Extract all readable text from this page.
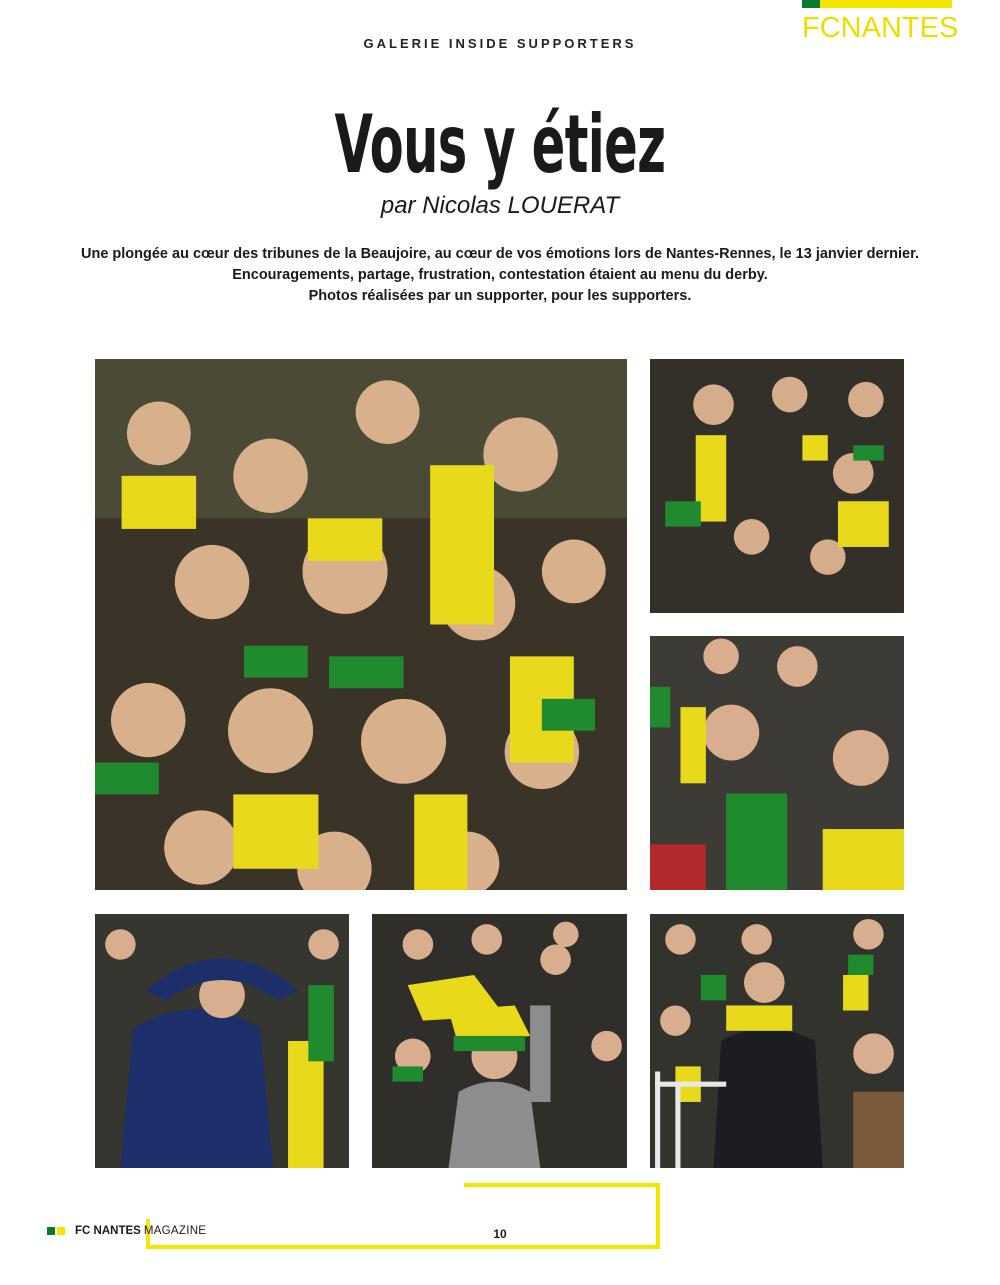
FCNANTES
GALERIE INSIDE SUPPORTERS
Vous y étiez
par Nicolas LOUERAT
Une plongée au cœur des tribunes de la Beaujoire, au cœur de vos émotions lors de Nantes-Rennes, le 13 janvier dernier.
Encouragements, partage, frustration, contestation étaient au menu du derby.
Photos réalisées par un supporter, pour les supporters.
FC NANTES MAGAZINE	10
